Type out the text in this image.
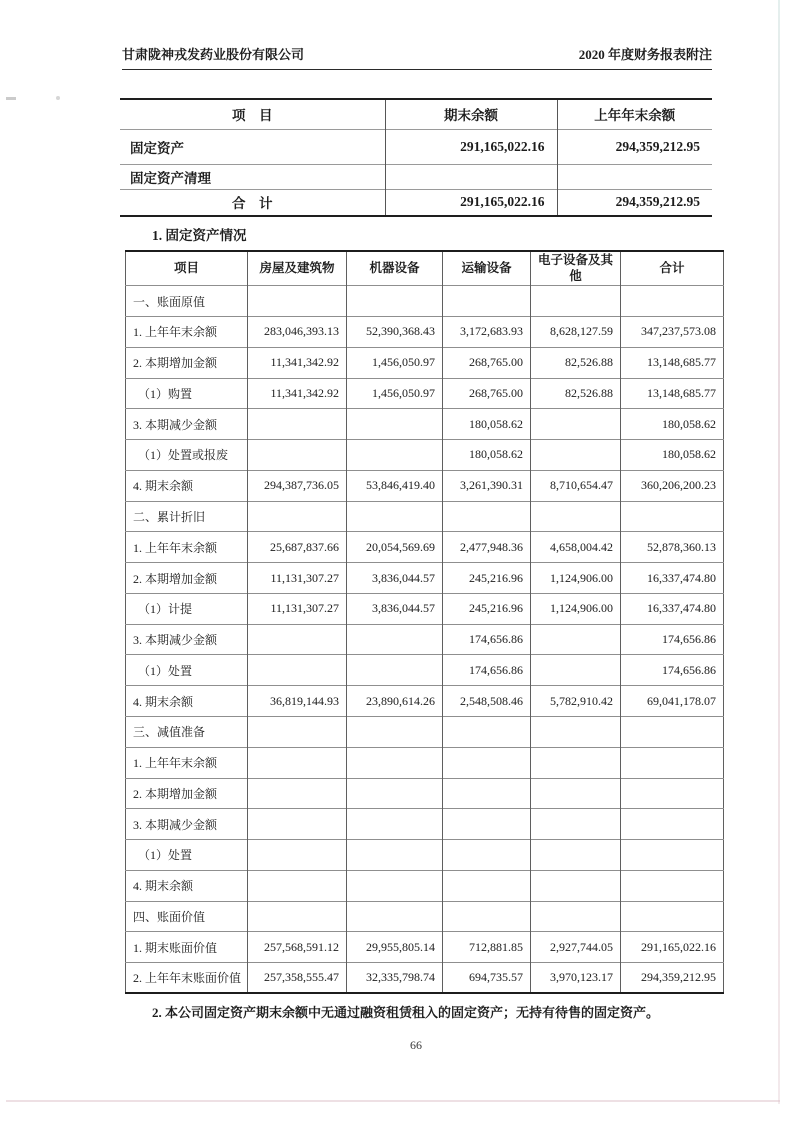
甘肃陇神戎发药业股份有限公司	2020 年度财务报表附注
项　目	期末余额	上年年末余额
固定资产	291,165,022.16	294,359,212.95
固定资产清理		
合　计	291,165,022.16	294,359,212.95
1. 固定资产情况
项目	房屋及建筑物	机器设备	运输设备	电子设备及其他	合计
一、账面原值					
1. 上年年末余额	283,046,393.13	52,390,368.43	3,172,683.93	8,628,127.59	347,237,573.08
2. 本期增加金额	11,341,342.92	1,456,050.97	268,765.00	82,526.88	13,148,685.77
（1）购置	11,341,342.92	1,456,050.97	268,765.00	82,526.88	13,148,685.77
3. 本期减少金额			180,058.62		180,058.62
（1）处置或报废			180,058.62		180,058.62
4. 期末余额	294,387,736.05	53,846,419.40	3,261,390.31	8,710,654.47	360,206,200.23
二、累计折旧					
1. 上年年末余额	25,687,837.66	20,054,569.69	2,477,948.36	4,658,004.42	52,878,360.13
2. 本期增加金额	11,131,307.27	3,836,044.57	245,216.96	1,124,906.00	16,337,474.80
（1）计提	11,131,307.27	3,836,044.57	245,216.96	1,124,906.00	16,337,474.80
3. 本期减少金额			174,656.86		174,656.86
（1）处置			174,656.86		174,656.86
4. 期末余额	36,819,144.93	23,890,614.26	2,548,508.46	5,782,910.42	69,041,178.07
三、减值准备					
1. 上年年末余额					
2. 本期增加金额					
3. 本期减少金额					
（1）处置					
4. 期末余额					
四、账面价值					
1. 期末账面价值	257,568,591.12	29,955,805.14	712,881.85	2,927,744.05	291,165,022.16
2. 上年年末账面价值	257,358,555.47	32,335,798.74	694,735.57	3,970,123.17	294,359,212.95
2. 本公司固定资产期末余额中无通过融资租赁租入的固定资产；无持有待售的固定资产。
66
